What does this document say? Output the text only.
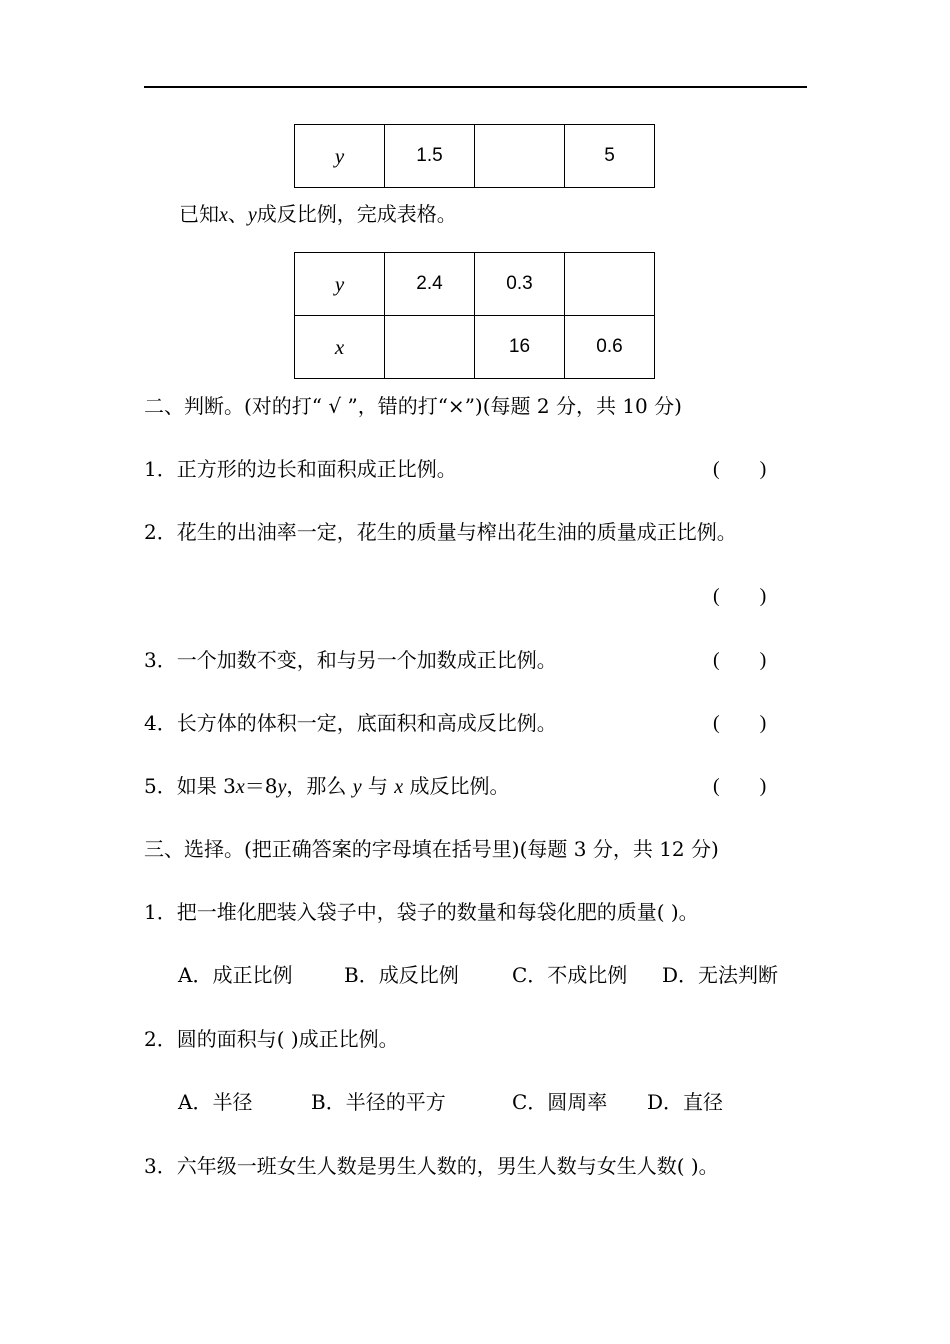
y	1.5		5
已知x、y成反比例，完成表格。
y	2.4	0.3	
x		16	0.6
二、判断。(对的打“ √ ”，错的打“×”)(每题 2 分，共 10 分)
1．正方形的边长和面积成正比例。	(        )
2．花生的出油率一定，花生的质量与榨出花生油的质量成正比例。
(        )
3．一个加数不变，和与另一个加数成正比例。	(        )
4．长方体的体积一定，底面积和高成反比例。	(        )
5．如果 3x＝8y，那么 y 与 x 成反比例。	(        )
三、选择。(把正确答案的字母填在括号里)(每题 3 分，共 12 分)
1．把一堆化肥装入袋子中，袋子的数量和每袋化肥的质量( )。
A．成正比例	B．成反比例	C．不成比例 D．无法判断
2．圆的面积与( )成正比例。
A．半径	B．半径的平方	C．圆周率 D．直径
3．六年级一班女生人数是男生人数的，男生人数与女生人数( )。
